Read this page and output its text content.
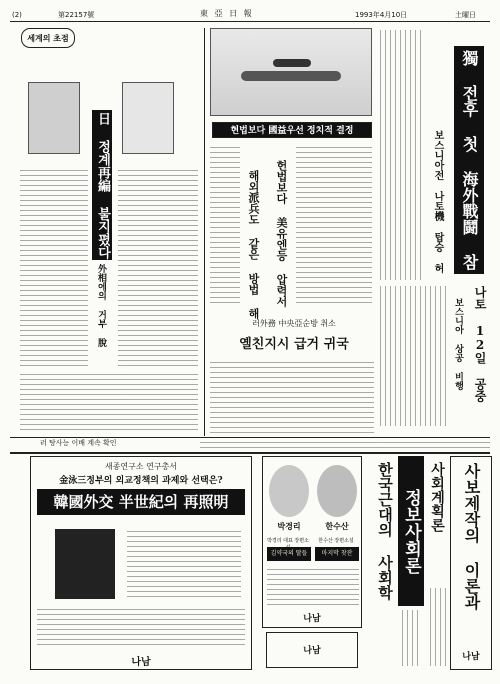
(2)	第22157號	東 亞 日 報	1993年4月10日	土曜日
세계의 초점
日 정계再編 불지폈다
外相에의 거부 脫
현법보다 國益우선 정치적 결정
헌법보다 美유엔등 압력서
해외派兵도 같은 방법 해
獨 전후 첫 海外戰鬪 참
보스니아전 나토機 탑승 허
나토 12일 공중
보스니아 상공 비행
러外務 中央亞순방 취소
옐친지시 급거 귀국
러 탕사능 이배 계속 확인
새종연구소 연구총서
金泳三정부의 외교정책의 과제와 선택은?
韓國外交 半世紀의 再照明
나남
박경리	한수산
박경리 대표 장편소	한수산 장편소설
김약국의 딸들	마지막 찻잔
나남
한국근대의 사회학
나남
정보사회론 사회계획론	사보제작의 이론과
나남
